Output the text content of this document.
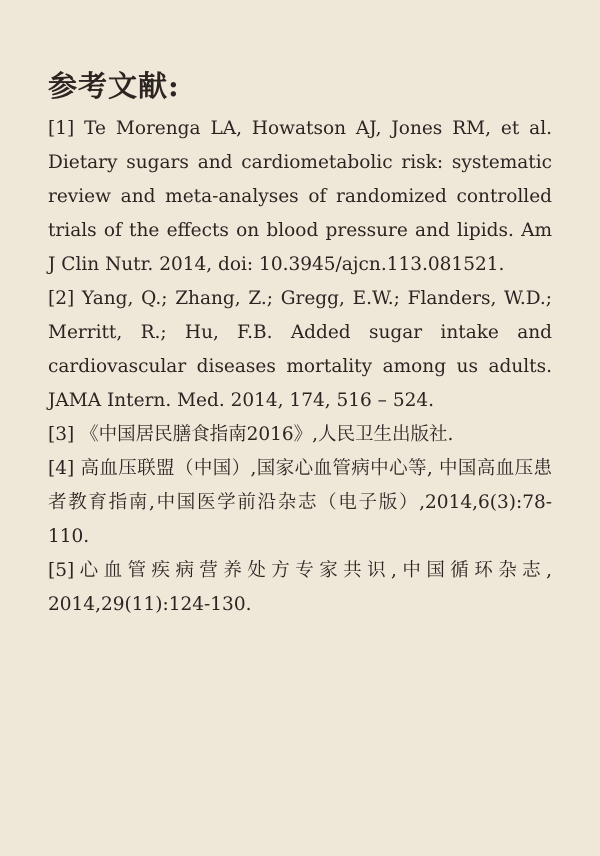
参考文献:

[1] Te Morenga LA, Howatson AJ, Jones RM, et al. Dietary sugars and cardiometabolic risk: systematic review and meta-analyses of randomized controlled trials of the effects on blood pressure and lipids. Am J Clin Nutr. 2014, doi: 10.3945/ajcn.113.081521.

[2] Yang, Q.; Zhang, Z.; Gregg, E.W.; Flanders, W.D.; Merritt, R.; Hu, F.B. Added sugar intake and cardiovascular diseases mortality among us adults. JAMA Intern. Med. 2014, 174, 516 – 524.

[3] 《中国居民膳食指南2016》,人民卫生出版社.

[4] 高血压联盟（中国）,国家心血管病中心等, 中国高血压患者教育指南,中国医学前沿杂志（电子版）,2014,6(3):78-110.

[5]心血管疾病营养处方专家共识,中国循环杂志, 2014,29(11):124-130.
